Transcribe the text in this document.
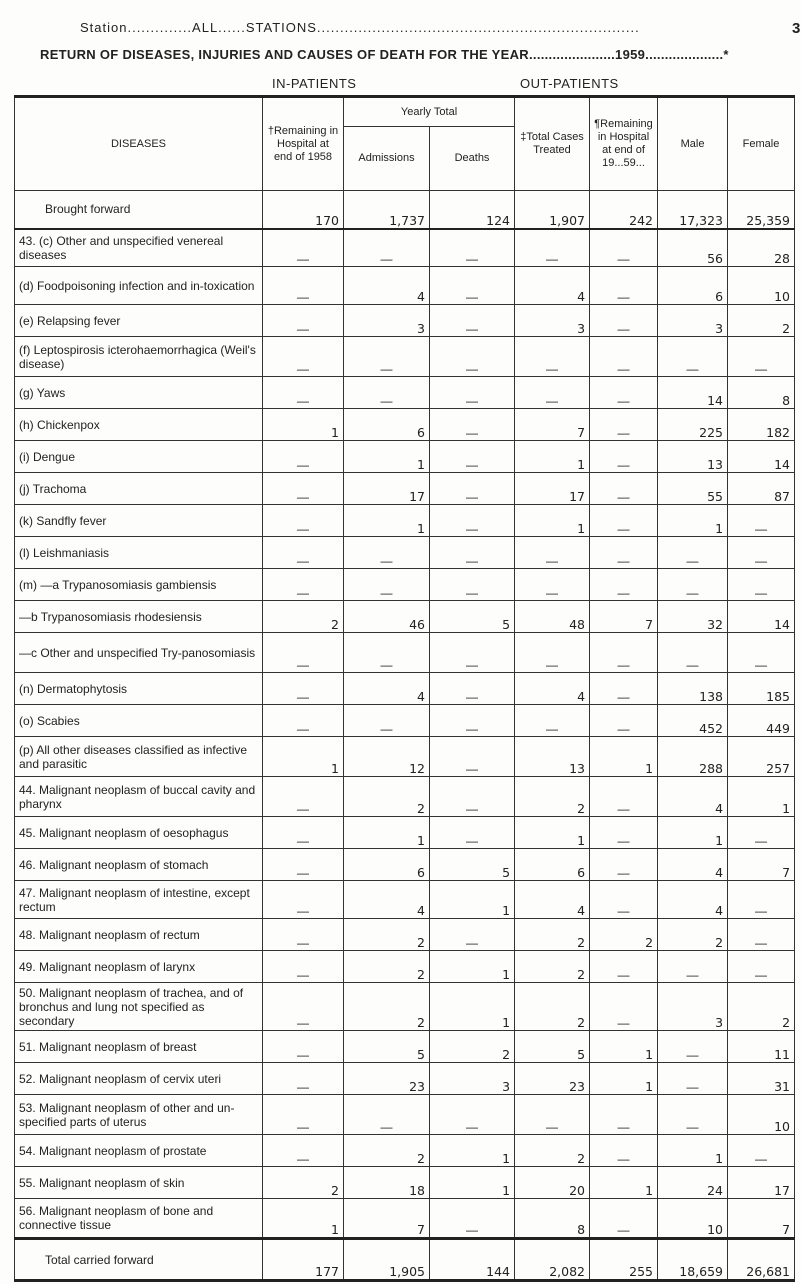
Station..............ALL......STATIONS......................................................................	3
RETURN OF DISEASES, INJURIES AND CAUSES OF DEATH FOR THE YEAR......................1959....................*
IN-PATIENTS	OUT-PATIENTS
DISEASES	†Remaining in Hospital at end of 1958	Yearly Total		‡Total Cases Treated	¶Remaining in Hospital at end of 19...59...	Male	Female
		Admissions	Deaths				
Brought forward	170	1,737	124	1,907	242	17,323	25,359
43. (c) Other and unspecified venereal diseases	—	—	—	—	—	56	28
(d) Foodpoisoning infection and in-toxication	—	4	—	4	—	6	10
(e) Relapsing fever	—	3	—	3	—	3	2
(f) Leptospirosis icterohaemorrhagica (Weil's disease)	—	—	—	—	—	—	—
(g) Yaws	—	—	—	—	—	14	8
(h) Chickenpox	1	6	—	7	—	225	182
(i) Dengue	—	1	—	1	—	13	14
(j) Trachoma	—	17	—	17	—	55	87
(k) Sandfly fever	—	1	—	1	—	1	—
(l) Leishmaniasis	—	—	—	—	—	—	—
(m) —a Trypanosomiasis gambiensis	—	—	—	—	—	—	—
—b Trypanosomiasis rhodesiensis	2	46	5	48	7	32	14
—c Other and unspecified Try-panosomiasis	—	—	—	—	—	—	—
(n) Dermatophytosis	—	4	—	4	—	138	185
(o) Scabies	—	—	—	—	—	452	449
(p) All other diseases classified as infective and parasitic	1	12	—	13	1	288	257
44. Malignant neoplasm of buccal cavity and pharynx	—	2	—	2	—	4	1
45. Malignant neoplasm of oesophagus	—	1	—	1	—	1	—
46. Malignant neoplasm of stomach	—	6	5	6	—	4	7
47. Malignant neoplasm of intestine, except rectum	—	4	1	4	—	4	—
48. Malignant neoplasm of rectum	—	2	—	2	2	2	—
49. Malignant neoplasm of larynx	—	2	1	2	—	—	—
50. Malignant neoplasm of trachea, and of bronchus and lung not specified as secondary	—	2	1	2	—	3	2
51. Malignant neoplasm of breast	—	5	2	5	1	—	11
52. Malignant neoplasm of cervix uteri	—	23	3	23	1	—	31
53. Malignant neoplasm of other and un-specified parts of uterus	—	—	—	—	—	—	10
54. Malignant neoplasm of prostate	—	2	1	2	—	1	—
55. Malignant neoplasm of skin	2	18	1	20	1	24	17
56. Malignant neoplasm of bone and connective tissue	1	7	—	8	—	10	7
Total carried forward	177	1,905	144	2,082	255	18,659	26,681
